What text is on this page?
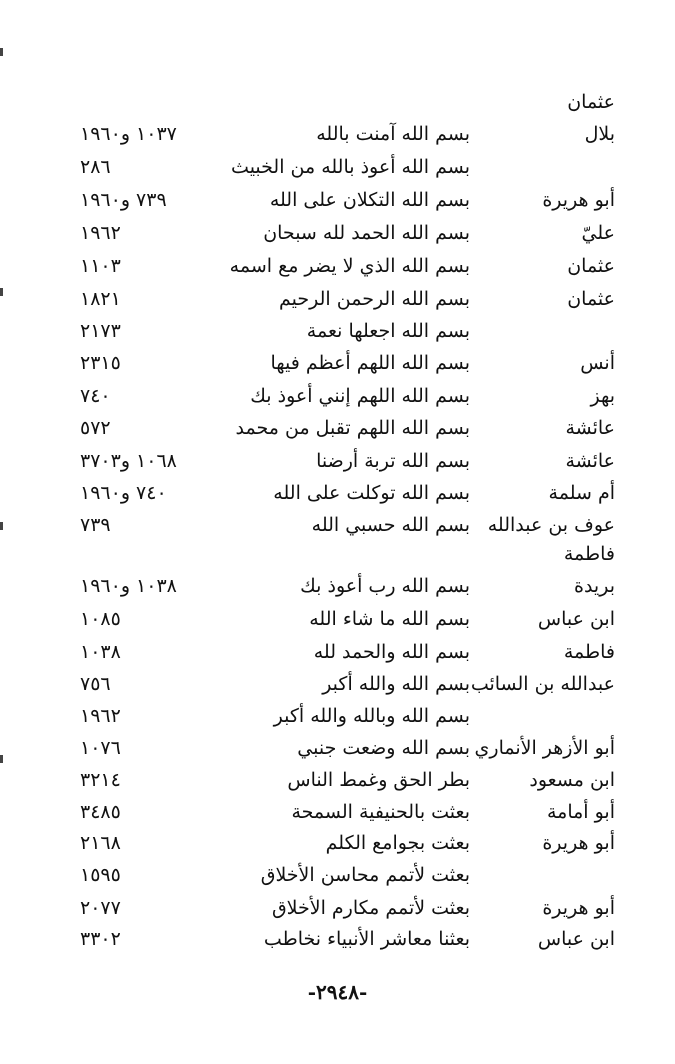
عثمان
بلال
بسم الله آمنت بالله
١٠٣٧ و١٩٦٠
بسم الله أعوذ بالله من الخبيث
٢٨٦
أبو هريرة
بسم الله التكلان على الله
٧٣٩ و١٩٦٠
عليّ
بسم الله الحمد لله سبحان
١٩٦٢
عثمان
بسم الله الذي لا يضر مع اسمه
١١٠٣
عثمان
بسم الله الرحمن الرحيم
١٨٢١
بسم الله اجعلها نعمة
٢١٧٣
أنس
بسم الله اللهم أعظم فيها
٢٣١٥
بهز
بسم الله اللهم إنني أعوذ بك
٧٤٠
عائشة
بسم الله اللهم تقبل من محمد
٥٧٢
عائشة
بسم الله تربة أرضنا
١٠٦٨ و٣٧٠٣
أم سلمة
بسم الله توكلت على الله
٧٤٠ و١٩٦٠
عوف بن عبدالله
بسم الله حسبي الله
٧٣٩
فاطمة
بريدة
بسم الله رب أعوذ بك
١٠٣٨ و١٩٦٠
ابن عباس
بسم الله ما شاء الله
١٠٨٥
فاطمة
بسم الله والحمد لله
١٠٣٨
عبدالله بن السائب
بسم الله والله أكبر
٧٥٦
بسم الله وبالله والله أكبر
١٩٦٢
أبو الأزهر الأنماري
بسم الله وضعت جنبي
١٠٧٦
ابن مسعود
بطر الحق وغمط الناس
٣٢١٤
أبو أمامة
بعثت بالحنيفية السمحة
٣٤٨٥
أبو هريرة
بعثت بجوامع الكلم
٢١٦٨
بعثت لأتمم محاسن الأخلاق
١٥٩٥
أبو هريرة
بعثت لأتمم مكارم الأخلاق
٢٠٧٧
ابن عباس
بعثنا معاشر الأنبياء نخاطب
٣٣٠٢
-٢٩٤٨-
